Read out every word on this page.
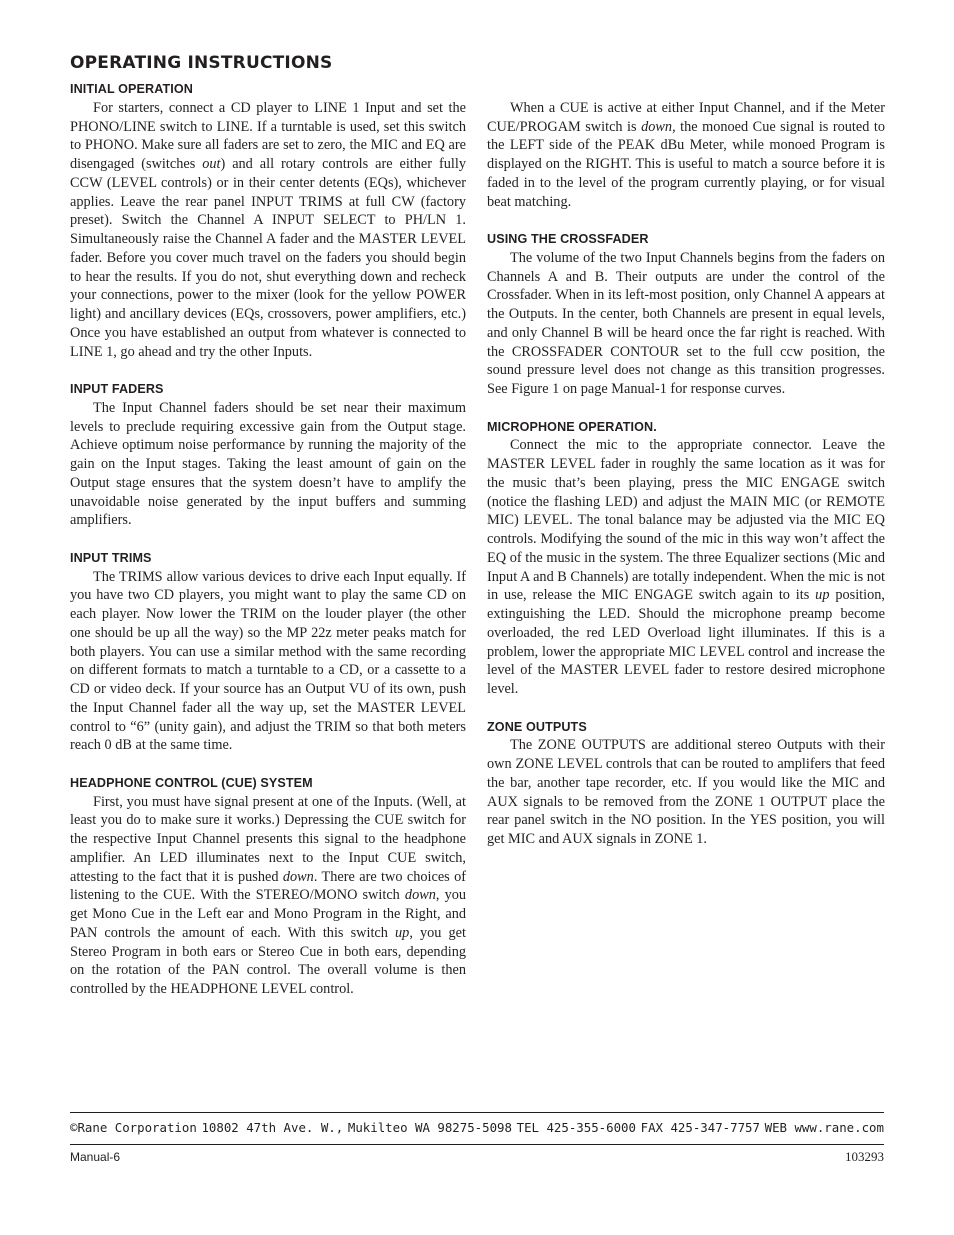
OPERATING INSTRUCTIONS
INITIAL OPERATION

For starters, connect a CD player to LINE 1 Input and set the PHONO/LINE switch to LINE. If a turntable is used, set this switch to PHONO. Make sure all faders are set to zero, the MIC and EQ are disengaged (switches out) and all rotary controls are either fully CCW (LEVEL controls) or in their center detents (EQs), whichever applies. Leave the rear panel INPUT TRIMS at full CW (factory preset). Switch the Channel A INPUT SELECT to PH/LN 1. Simultaneously raise the Channel A fader and the MASTER LEVEL fader. Before you cover much travel on the faders you should begin to hear the results. If you do not, shut everything down and recheck your connections, power to the mixer (look for the yellow POWER light) and ancillary devices (EQs, crossovers, power amplifiers, etc.) Once you have established an output from whatever is connected to LINE 1, go ahead and try the other Inputs.

INPUT FADERS

The Input Channel faders should be set near their maximum levels to preclude requiring excessive gain from the Output stage. Achieve optimum noise performance by running the majority of the gain on the Input stages. Taking the least amount of gain on the Output stage ensures that the system doesn’t have to amplify the unavoidable noise generated by the input buffers and summing amplifiers.

INPUT TRIMS

The TRIMS allow various devices to drive each Input equally. If you have two CD players, you might want to play the same CD on each player. Now lower the TRIM on the louder player (the other one should be up all the way) so the MP 22z meter peaks match for both players. You can use a similar method with the same recording on different formats to match a turntable to a CD, or a cassette to a CD or video deck. If your source has an Output VU of its own, push the Input Channel fader all the way up, set the MASTER LEVEL control to “6” (unity gain), and adjust the TRIM so that both meters reach 0 dB at the same time.

HEADPHONE CONTROL (CUE) SYSTEM

First, you must have signal present at one of the Inputs. (Well, at least you do to make sure it works.) Depressing the CUE switch for the respective Input Channel presents this signal to the headphone amplifier. An LED illuminates next to the Input CUE switch, attesting to the fact that it is pushed down. There are two choices of listening to the CUE. With the STEREO/MONO switch down, you get Mono Cue in the Left ear and Mono Program in the Right, and PAN controls the amount of each. With this switch up, you get Stereo Program in both ears or Stereo Cue in both ears, depending on the rotation of the PAN control. The overall volume is then controlled by the HEADPHONE LEVEL control.

When a CUE is active at either Input Channel, and if the Meter CUE/PROGAM switch is down, the monoed Cue signal is routed to the LEFT side of the PEAK dBu Meter, while monoed Program is displayed on the RIGHT. This is useful to match a source before it is faded in to the level of the program currently playing, or for visual beat matching.

USING THE CROSSFADER

The volume of the two Input Channels begins from the faders on Channels A and B. Their outputs are under the control of the Crossfader. When in its left-most position, only Channel A appears at the Outputs. In the center, both Channels are present in equal levels, and only Channel B will be heard once the far right is reached. With the CROSSFADER CONTOUR set to the full ccw position, the sound pressure level does not change as this transition progresses. See Figure 1 on page Manual-1 for response curves.

MICROPHONE OPERATION.

Connect the mic to the appropriate connector. Leave the MASTER LEVEL fader in roughly the same location as it was for the music that’s been playing, press the MIC ENGAGE switch (notice the flashing LED) and adjust the MAIN MIC (or REMOTE MIC) LEVEL. The tonal balance may be adjusted via the MIC EQ controls. Modifying the sound of the mic in this way won’t affect the EQ of the music in the system. The three Equalizer sections (Mic and Input A and B Channels) are totally independent. When the mic is not in use, release the MIC ENGAGE switch again to its up position, extinguishing the LED. Should the microphone preamp become overloaded, the red LED Overload light illuminates. If this is a problem, lower the appropriate MIC LEVEL control and increase the level of the MASTER LEVEL fader to restore desired microphone level.

ZONE OUTPUTS

The ZONE OUTPUTS are additional stereo Outputs with their own ZONE LEVEL controls that can be routed to amplifers that feed the bar, another tape recorder, etc. If you would like the MIC and AUX signals to be removed from the ZONE 1 OUTPUT place the rear panel switch in the NO position. In the YES position, you will get MIC and AUX signals in ZONE 1.

©Rane Corporation 10802 47th Ave. W., Mukilteo WA 98275-5098 TEL 425-355-6000 FAX 425-347-7757 WEB www.rane.com
Manual-6	103293
